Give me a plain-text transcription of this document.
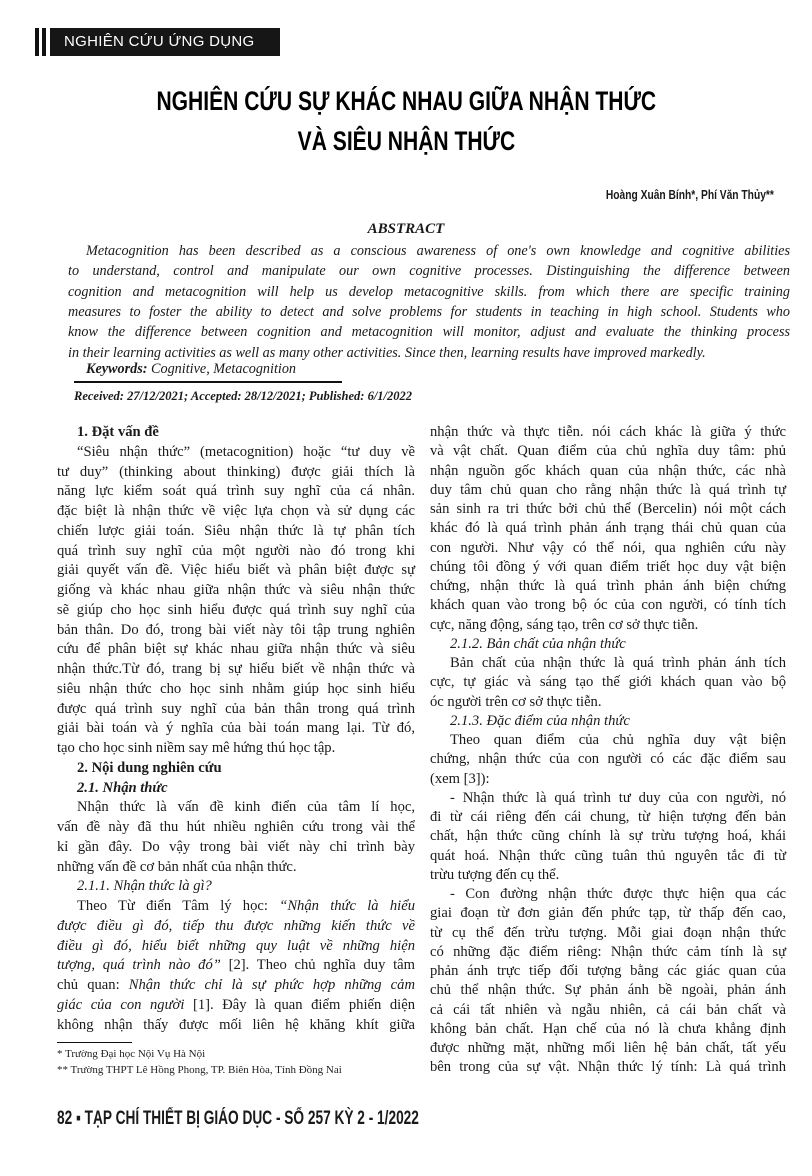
NGHIÊN CỨU ỨNG DỤNG
NGHIÊN CỨU SỰ KHÁC NHAU GIỮA NHẬN THỨC
VÀ SIÊU NHẬN THỨC
Hoàng Xuân Bính*, Phí Văn Thủy**
ABSTRACT
Metacognition has been described as a conscious awareness of one's own knowledge and cognitive abilities
to understand, control and manipulate our own cognitive processes. Distinguishing the difference between
cognition and metacognition will help us develop metacognitive skills. from which there are specific training
measures to foster the ability to detect and solve problems for students in teaching in high school. Students who
know the difference between cognition and metacognition will monitor, adjust and evaluate the thinking process
in their learning activities as well as many other activities. Since then, learning results have improved markedly.
Keywords: Cognitive, Metacognition
Received: 27/12/2021; Accepted: 28/12/2021; Published: 6/1/2022
1. Đặt vấn đề
“Siêu nhận thức” (metacognition) hoặc “tư duy về
tư duy” (thinking about thinking) được giải thích là
năng lực kiểm soát quá trình suy nghĩ của cá nhân.
đặc biệt là nhận thức về việc lựa chọn và sử dụng các
chiến lược giải toán. Siêu nhận thức là tự phân tích
quá trình suy nghĩ của một người nào đó trong khi
giải quyết vấn đề. Việc hiểu biết và phân biệt được sự
giống và khác nhau giữa nhận thức và siêu nhận thức
sẽ giúp cho học sinh hiểu được quá trình suy nghĩ của
bản thân. Do đó, trong bài viết này tôi tập trung nghiên
cứu để phân biệt sự khác nhau giữa nhận thức và siêu
nhận thức.Từ đó, trang bị sự hiểu biết về nhận thức và
siêu nhận thức cho học sinh nhằm giúp học sinh hiểu
được quá trình suy nghĩ của bản thân trong quá trình
giải bài toán và ý nghĩa của bài toán mang lại. Từ đó,
tạo cho học sinh niềm say mê hứng thú học tập.
2. Nội dung nghiên cứu
2.1. Nhận thức
Nhận thức là vấn đề kinh điển của tâm lí học,
vấn đề này đã thu hút nhiều nghiên cứu trong vài thể
kỉ gần đây. Do vậy trong bài viết này chỉ trình bày
những vấn đề cơ bản nhất của nhận thức.
2.1.1. Nhận thức là gì?
Theo Từ điển Tâm lý học: “Nhận thức là hiểu
được điều gì đó, tiếp thu được những kiến thức về
điều gì đó, hiểu biết những quy luật về những hiện
tượng, quá trình nào đó” [2]. Theo chủ nghĩa duy tâm
chủ quan: Nhận thức chỉ là sự phức hợp những cảm
giác của con người [1]. Đây là quan điểm phiến diện
không nhận thấy được mối liên hệ khăng khít giữa
nhận thức và thực tiễn. nói cách khác là giữa ý thức
và vật chất. Quan điểm của chủ nghĩa duy tâm: phủ
nhận nguồn gốc khách quan của nhận thức, các nhà
duy tâm chủ quan cho rằng nhận thức là quá trình tự
sản sinh ra tri thức bởi chủ thể (Bercelin) nói một cách
khác đó là quá trình phản ánh trạng thái chủ quan của
con người. Như vậy có thể nói, qua nghiên cứu này
chúng tôi đồng ý với quan điểm triết học duy vật biện
chứng, nhận thức là quá trình phản ánh biện chứng
khách quan vào trong bộ óc của con người, có tính tích
cực, năng động, sáng tạo, trên cơ sở thực tiễn.
2.1.2. Bản chất của nhận thức
Bản chất của nhận thức là quá trình phản ánh tích
cực, tự giác và sáng tạo thế giới khách quan vào bộ
óc người trên cơ sở thực tiễn.
2.1.3. Đặc điểm của nhận thức
Theo quan điểm của chủ nghĩa duy vật biện
chứng, nhận thức của con người có các đặc điểm sau
(xem [3]):
- Nhận thức là quá trình tư duy của con người, nó
đi từ cái riêng đến cái chung, từ hiện tượng đến bản
chất, hận thức cũng chính là sự trừu tượng hoá, khái
quát hoá. Nhận thức cũng tuân thủ nguyên tắc đi từ
trừu tượng đến cụ thể.
- Con đường nhận thức được thực hiện qua các
giai đoạn từ đơn giản đến phức tạp, từ thấp đến cao,
từ cụ thể đến trừu tượng. Mỗi giai đoạn nhận thức
có những đặc điểm riêng: Nhận thức cảm tính là sự
phản ánh trực tiếp đối tượng bằng các giác quan của
chủ thể nhận thức. Sự phản ánh bề ngoài, phản ánh
cả cái tất nhiên và ngẫu nhiên, cả cái bản chất và
không bản chất. Hạn chế của nó là chưa khẳng định
được những mặt, những mối liên hệ bản chất, tất yếu
bên trong của sự vật. Nhận thức lý tính: Là quá trình
* Trường Đại học Nội Vụ Hà Nội
** Trường THPT Lê Hồng Phong, TP. Biên Hòa, Tỉnh Đồng Nai
82 ▪ TẠP CHÍ THIẾT BỊ GIÁO DỤC - SỐ 257 KỲ 2 - 1/2022
